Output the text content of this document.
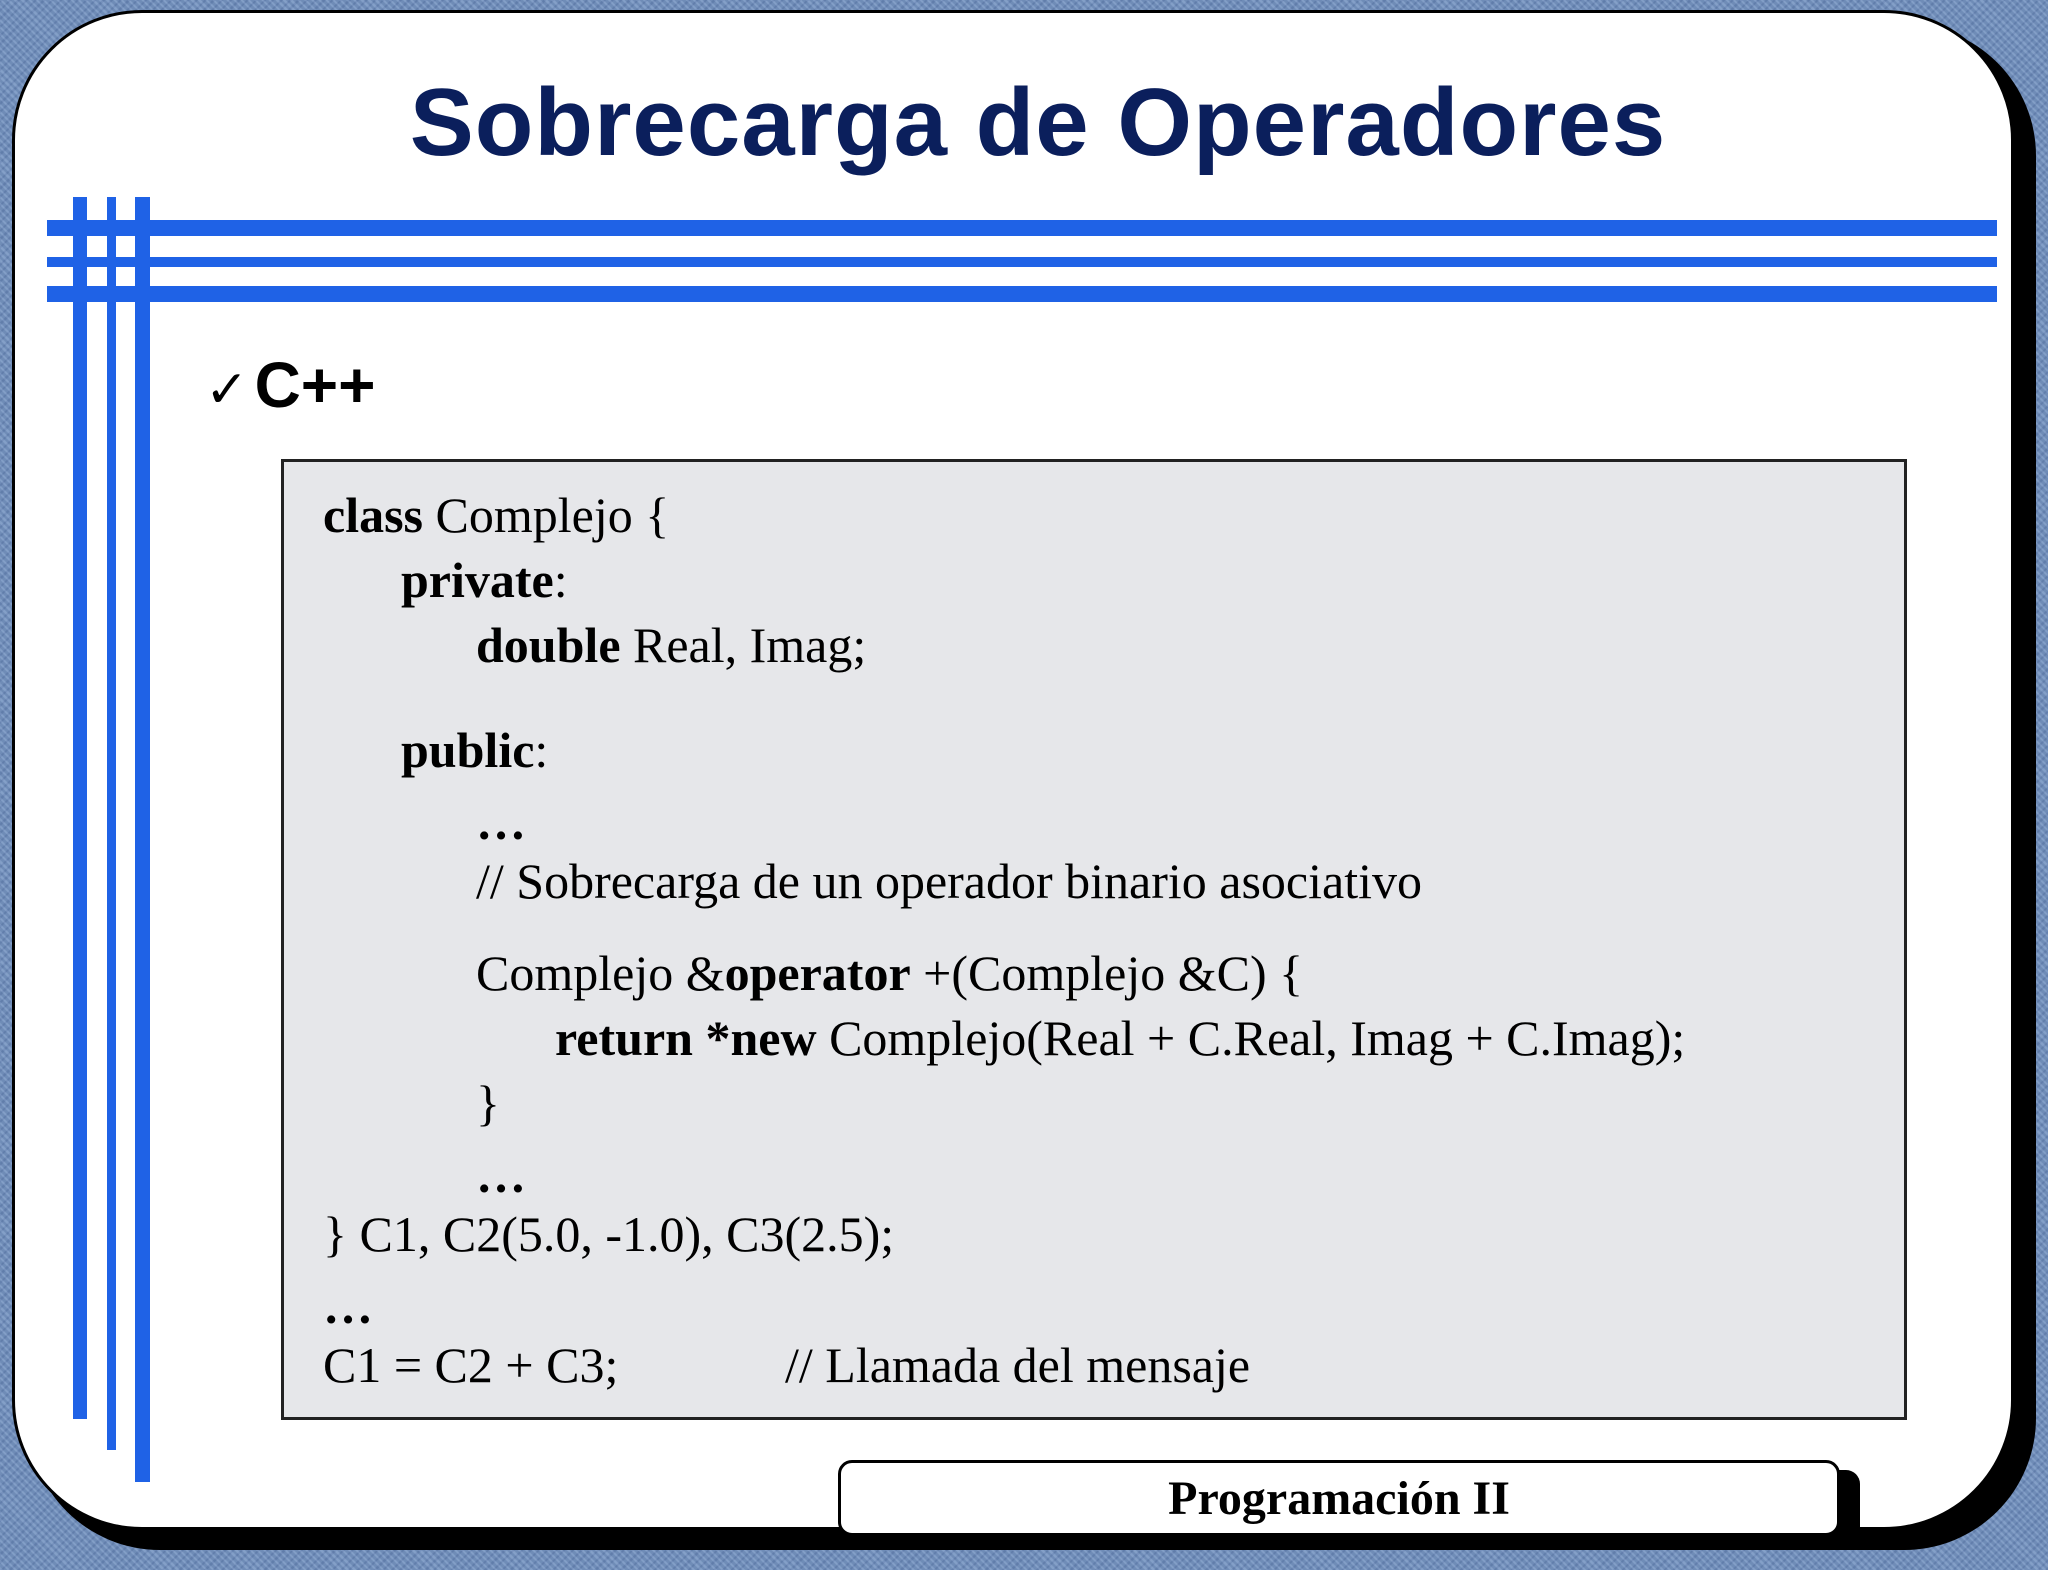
Sobrecarga de Operadores
✓C++
class Complejo {
private:
double Real, Imag;
public:
…
// Sobrecarga de un operador binario asociativo
Complejo &operator +(Complejo &C) {
return *new Complejo(Real + C.Real, Imag + C.Imag);
}
…
} C1, C2(5.0, -1.0), C3(2.5);
…
C1 = C2 + C3;	// Llamada del mensaje
Programación II
